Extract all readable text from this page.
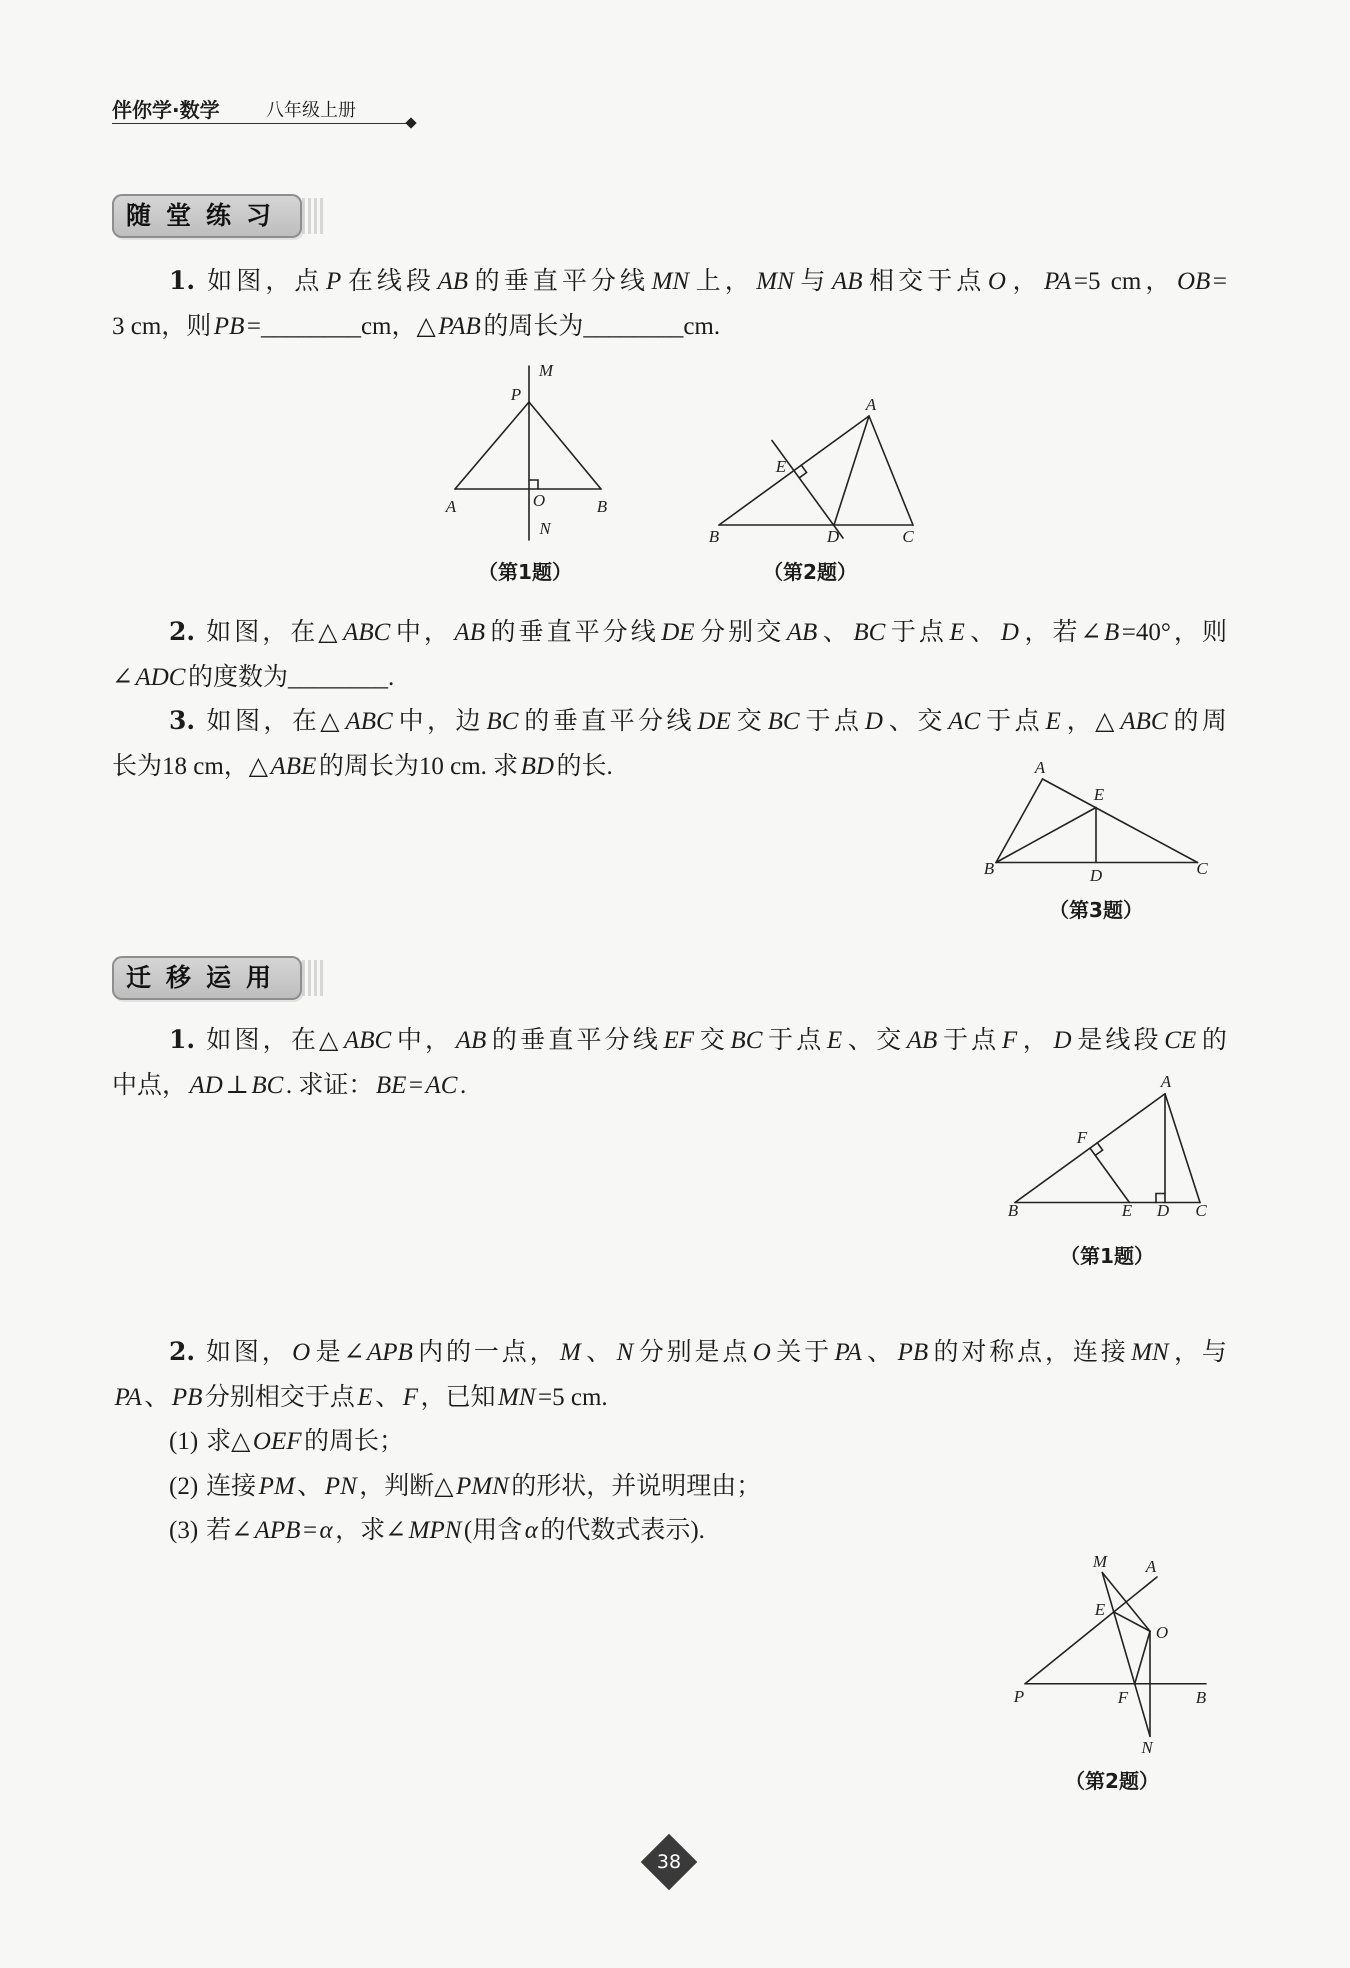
伴你学·数学	八年级上册
随堂练习
1. 如图，点 P 在线段 AB 的垂直平分线 MN 上， MN 与 AB 相交于点 O ， PA =5 cm， OB =
3 cm，则 PB =________cm，△ PAB 的周长为________cm.
（第1题）	（第2题）
2. 如图，在△ ABC 中， AB 的垂直平分线 DE 分别交 AB 、 BC 于点 E 、 D ，若∠ B =40°，则
∠ ADC 的度数为________.
3. 如图，在△ ABC 中，边 BC 的垂直平分线 DE 交 BC 于点 D 、交 AC 于点 E ，△ ABC 的周
长为18 cm，△ ABE 的周长为10 cm. 求 BD 的长.
（第3题）
迁移运用
1. 如图，在△ ABC 中， AB 的垂直平分线 EF 交 BC 于点 E 、交 AB 于点 F ， D 是线段 CE 的
中点， AD ⊥ BC . 求证： BE = AC .
（第1题）
2. 如图， O 是∠ APB 内的一点， M 、 N 分别是点 O 关于 PA 、 PB 的对称点，连接 MN ，与
PA 、 PB 分别相交于点 E 、 F ，已知 MN =5 cm.
(1) 求△ OEF 的周长；
(2) 连接 PM 、 PN ，判断△ PMN 的形状，并说明理由；
(3) 若∠ APB = α ，求∠ MPN (用含 α 的代数式表示).
（第2题）
M
P
A	O	B
N
A
E
B	D	C
A
E
B	D	C
A
F
B	E D C
M A
E
O
P	F	B
N
38
